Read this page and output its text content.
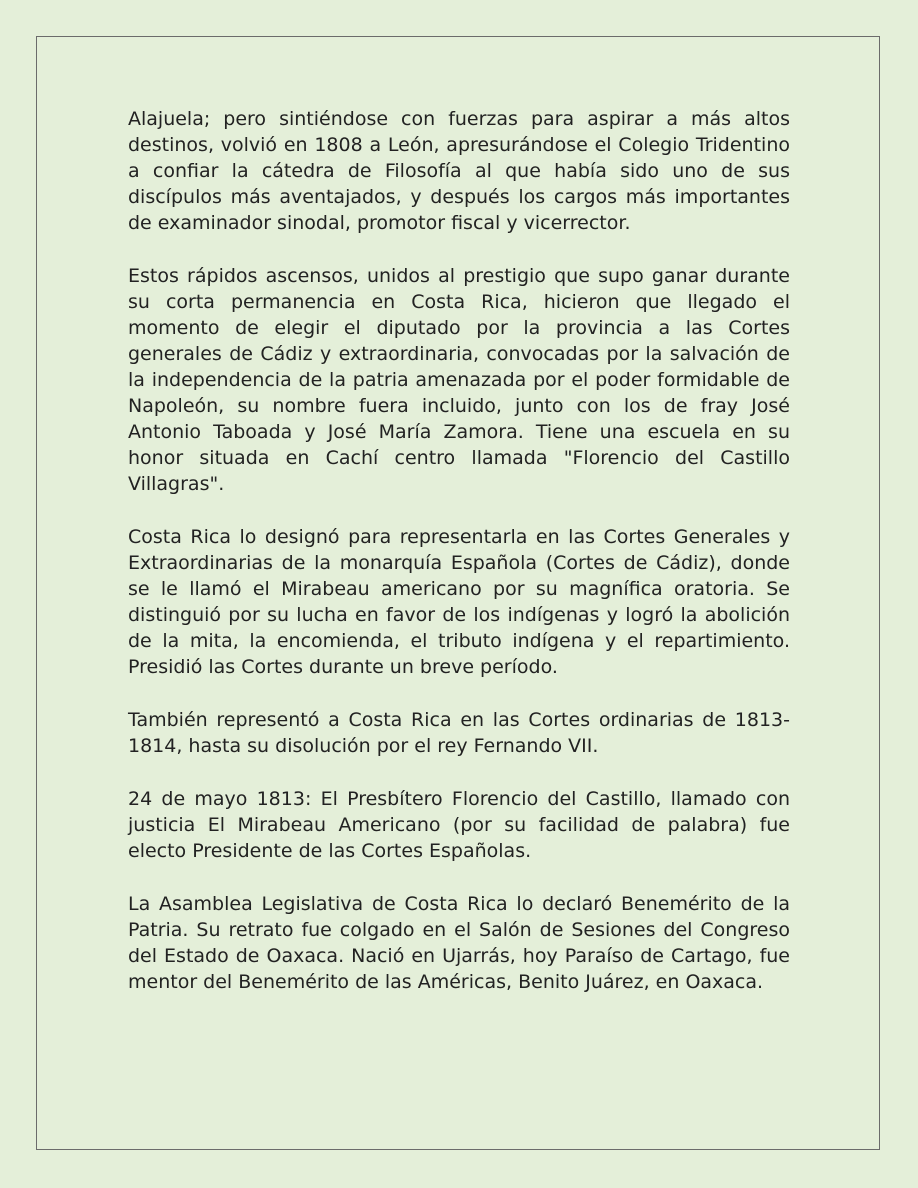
Alajuela; pero sintiéndose con fuerzas para aspirar a más altos destinos, volvió en 1808 a León, apresurándose el Colegio Tridentino a confiar la cátedra de Filosofía al que había sido uno de sus discípulos más aventajados, y después los cargos más importantes de examinador sinodal, promotor fiscal y vicerrector.

Estos rápidos ascensos, unidos al prestigio que supo ganar durante su corta permanencia en Costa Rica, hicieron que llegado el momento de elegir el diputado por la provincia a las Cortes generales de Cádiz y extraordinaria, convocadas por la salvación de la independencia de la patria amenazada por el poder formidable de Napoleón, su nombre fuera incluido, junto con los de fray José Antonio Taboada y José María Zamora. Tiene una escuela en su honor situada en Cachí centro llamada "Florencio del Castillo Villagras".

Costa Rica lo designó para representarla en las Cortes Generales y Extraordinarias de la monarquía Española (Cortes de Cádiz), donde se le llamó el Mirabeau americano por su magnífica oratoria. Se distinguió por su lucha en favor de los indígenas y logró la abolición de la mita, la encomienda, el tributo indígena y el repartimiento. Presidió las Cortes durante un breve período.

También representó a Costa Rica en las Cortes ordinarias de 1813-1814, hasta su disolución por el rey Fernando VII.

24 de mayo 1813: El Presbítero Florencio del Castillo, llamado con justicia El Mirabeau Americano (por su facilidad de palabra) fue electo Presidente de las Cortes Españolas.

La Asamblea Legislativa de Costa Rica lo declaró Benemérito de la Patria. Su retrato fue colgado en el Salón de Sesiones del Congreso del Estado de Oaxaca. Nació en Ujarrás, hoy Paraíso de Cartago, fue mentor del Benemérito de las Américas, Benito Juárez, en Oaxaca.
